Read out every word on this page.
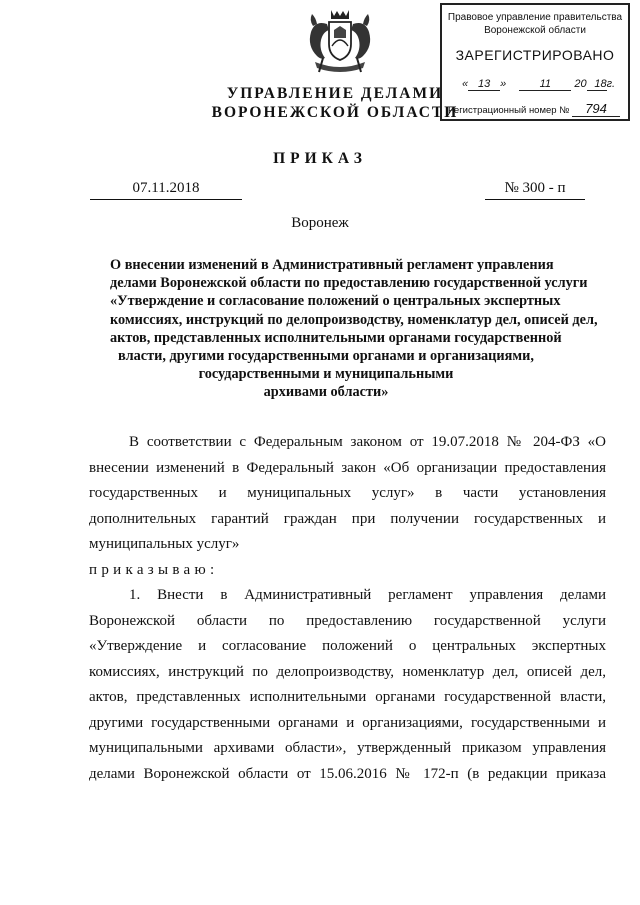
УПРАВЛЕНИЕ ДЕЛАМИ
ВОРОНЕЖСКОЙ ОБЛАСТИ
Правовое управление правительства
Воронежской области
ЗАРЕГИСТРИРОВАНО
« 13 »	11 20 18г.
Регистрационный номер № 794
ПРИКАЗ
07.11.2018	№ 300 - п
Воронеж
О внесении изменений в Административный регламент управления
делами Воронежской области по предоставлению государственной услуги
«Утверждение и согласование положений о центральных экспертных
комиссиях, инструкций по делопроизводству, номенклатур дел, описей дел,
актов, представленных исполнительными органами государственной
власти, другими государственными органами и организациями,
государственными и муниципальными
архивами области»
В соответствии с Федеральным законом от 19.07.2018 № 204-ФЗ «О
внесении изменений в Федеральный закон «Об организации предоставления
государственных и муниципальных услуг» в части установления
дополнительных гарантий граждан при получении государственных и
муниципальных услуг»
приказываю:
1. Внести в Административный регламент управления делами
Воронежской области по предоставлению государственной услуги
«Утверждение и согласование положений о центральных экспертных
комиссиях, инструкций по делопроизводству, номенклатур дел, описей дел,
актов, представленных исполнительными органами государственной власти,
другими государственными органами и организациями, государственными и
муниципальными архивами области», утвержденный приказом управления
делами Воронежской области от 15.06.2016 № 172-п (в редакции приказа
